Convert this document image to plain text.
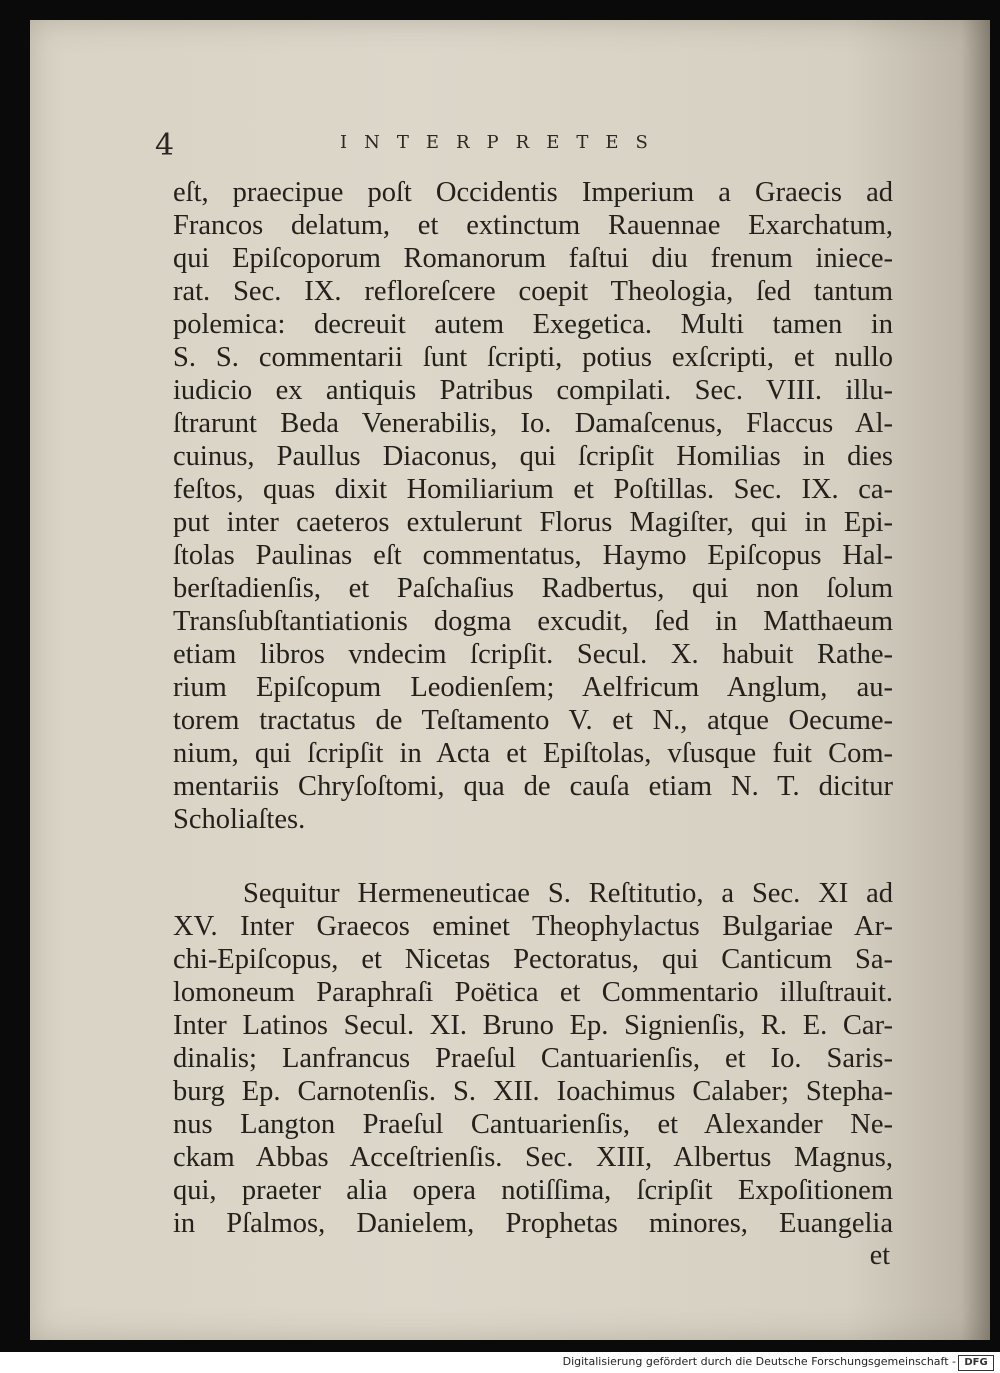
4	INTERPRETES
eſt, praecipue poſt Occidentis Imperium a Graecis ad
Francos delatum, et extinctum Rauennae Exarchatum,
qui Epiſcoporum Romanorum faſtui diu frenum iniece-
rat. Sec. IX. refloreſcere coepit Theologia, ſed tantum
polemica: decreuit autem Exegetica. Multi tamen in
S. S. commentarii ſunt ſcripti, potius exſcripti, et nullo
iudicio ex antiquis Patribus compilati. Sec. VIII. illu-
ſtrarunt Beda Venerabilis, Io. Damaſcenus, Flaccus Al-
cuinus, Paullus Diaconus, qui ſcripſit Homilias in dies
feſtos, quas dixit Homiliarium et Poſtillas. Sec. IX. ca-
put inter caeteros extulerunt Florus Magiſter, qui in Epi-
ſtolas Paulinas eſt commentatus, Haymo Epiſcopus Hal-
berſtadienſis, et Paſchaſius Radbertus, qui non ſolum
Transſubſtantiationis dogma excudit, ſed in Matthaeum
etiam libros vndecim ſcripſit. Secul. X. habuit Rathe-
rium Epiſcopum Leodienſem; Aelfricum Anglum, au-
torem tractatus de Teſtamento V. et N., atque Oecume-
nium, qui ſcripſit in Acta et Epiſtolas, vſusque fuit Com-
mentariis Chryſoſtomi, qua de cauſa etiam N. T. dicitur
Scholiaſtes.
Sequitur Hermeneuticae S. Reſtitutio, a Sec. XI ad
XV. Inter Graecos eminet Theophylactus Bulgariae Ar-
chi-Epiſcopus, et Nicetas Pectoratus, qui Canticum Sa-
lomoneum Paraphraſi Poëtica et Commentario illuſtrauit.
Inter Latinos Secul. XI. Bruno Ep. Signienſis, R. E. Car-
dinalis; Lanfrancus Praeſul Cantuarienſis, et Io. Saris-
burg Ep. Carnotenſis. S. XII. Ioachimus Calaber; Stepha-
nus Langton Praeſul Cantuarienſis, et Alexander Ne-
ckam Abbas Acceſtrienſis. Sec. XIII, Albertus Magnus,
qui, praeter alia opera notiſſima, ſcripſit Expoſitionem
in Pſalmos, Danielem, Prophetas minores, Euangelia
et
Digitalisierung gefördert durch die Deutsche Forschungsgemeinschaft - DFG
